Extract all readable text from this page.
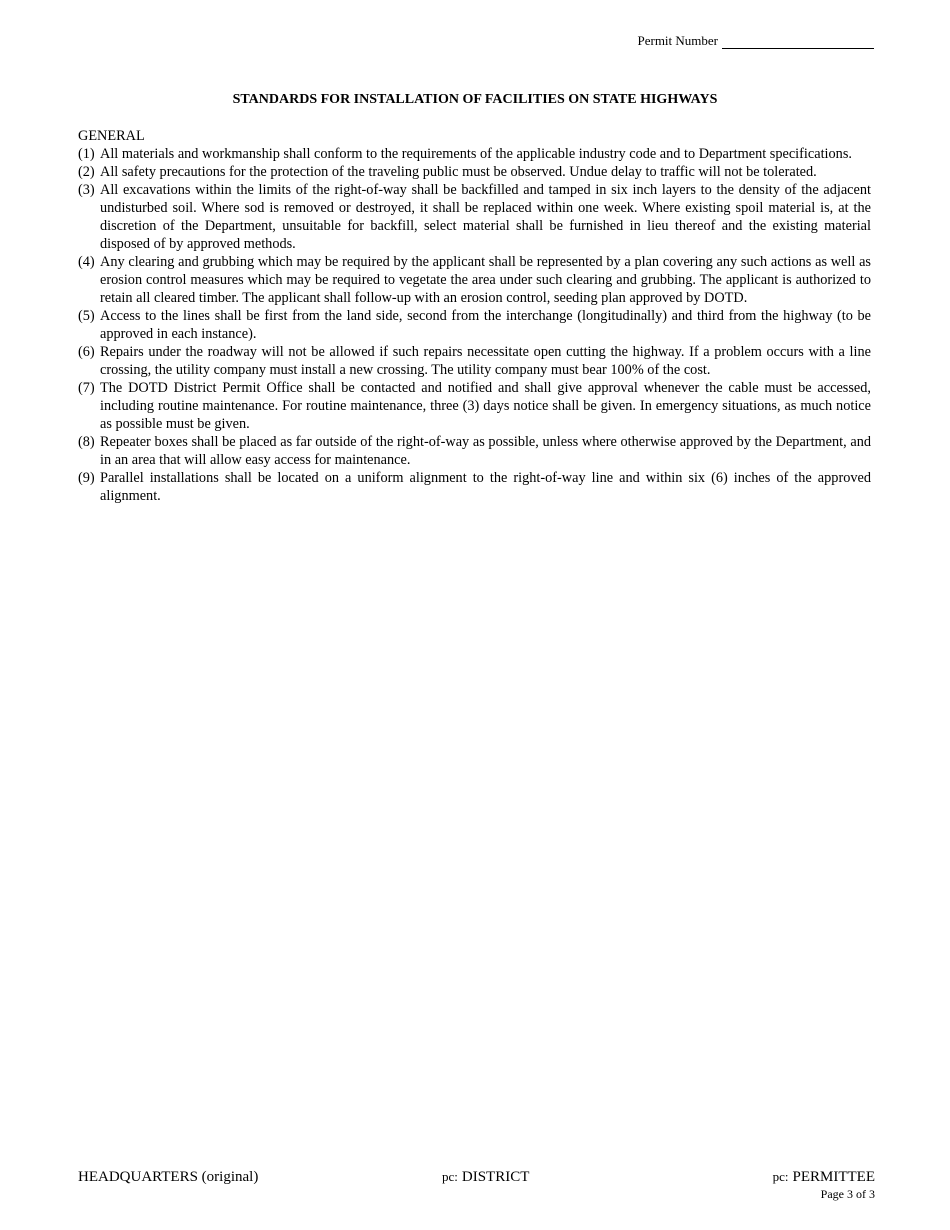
Permit Number
STANDARDS FOR INSTALLATION OF FACILITIES ON STATE HIGHWAYS
GENERAL
(1) All materials and workmanship shall conform to the requirements of the applicable industry code and to Department specifications.
(2) All safety precautions for the protection of the traveling public must be observed. Undue delay to traffic will not be tolerated.
(3) All excavations within the limits of the right-of-way shall be backfilled and tamped in six inch layers to the density of the adjacent undisturbed soil. Where sod is removed or destroyed, it shall be replaced within one week. Where existing spoil material is, at the discretion of the Department, unsuitable for backfill, select material shall be furnished in lieu thereof and the existing material disposed of by approved methods.
(4) Any clearing and grubbing which may be required by the applicant shall be represented by a plan covering any such actions as well as erosion control measures which may be required to vegetate the area under such clearing and grubbing. The applicant is authorized to retain all cleared timber. The applicant shall follow-up with an erosion control, seeding plan approved by DOTD.
(5) Access to the lines shall be first from the land side, second from the interchange (longitudinally) and third from the highway (to be approved in each instance).
(6) Repairs under the roadway will not be allowed if such repairs necessitate open cutting the highway. If a problem occurs with a line crossing, the utility company must install a new crossing. The utility company must bear 100% of the cost.
(7) The DOTD District Permit Office shall be contacted and notified and shall give approval whenever the cable must be accessed, including routine maintenance. For routine maintenance, three (3) days notice shall be given. In emergency situations, as much notice as possible must be given.
(8) Repeater boxes shall be placed as far outside of the right-of-way as possible, unless where otherwise approved by the Department, and in an area that will allow easy access for maintenance.
(9) Parallel installations shall be located on a uniform alignment to the right-of-way line and within six (6) inches of the approved alignment.
HEADQUARTERS (original)	pc: DISTRICT	pc: PERMITTEE
Page 3 of 3
